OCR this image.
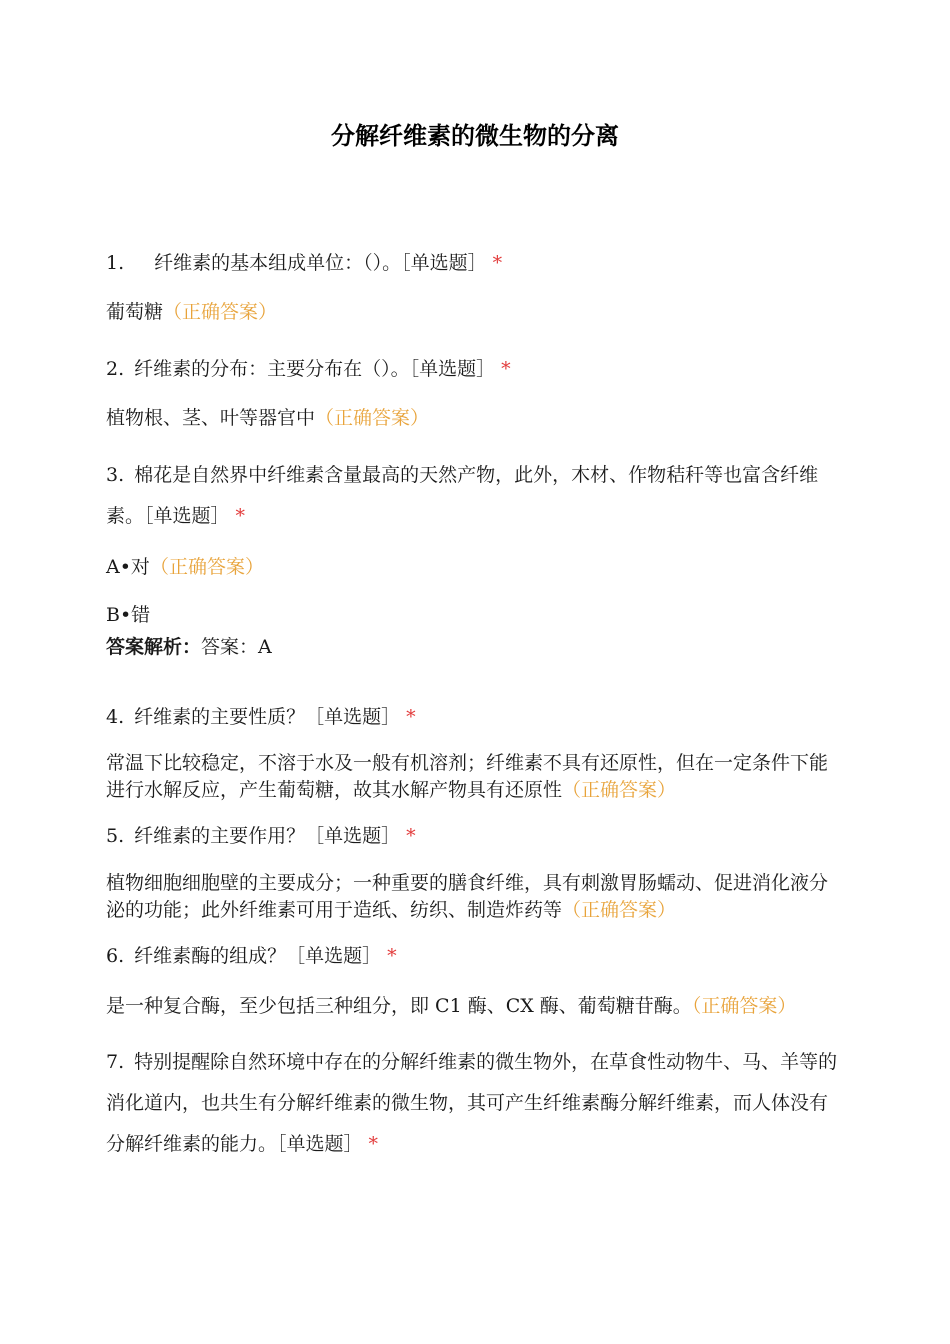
分解纤维素的微生物的分离
1. 纤维素的基本组成单位：（）。［单选题］ *
葡萄糖（正确答案）
2. 纤维素的分布：主要分布在（）。［单选题］ *
植物根、茎、叶等器官中（正确答案）
3. 棉花是自然界中纤维素含量最高的天然产物，此外，木材、作物秸秆等也富含纤维素。［单选题］ *
A•对（正确答案）
B•错
答案解析：答案：A
4. 纤维素的主要性质？［单选题］ *
常温下比较稳定，不溶于水及一般有机溶剂；纤维素不具有还原性，但在一定条件下能进行水解反应，产生葡萄糖，故其水解产物具有还原性（正确答案）
5. 纤维素的主要作用？［单选题］ *
植物细胞细胞壁的主要成分；一种重要的膳食纤维，具有刺激胃肠蠕动、促进消化液分泌的功能；此外纤维素可用于造纸、纺织、制造炸药等（正确答案）
6. 纤维素酶的组成？［单选题］ *
是一种复合酶，至少包括三种组分，即 C1 酶、CX 酶、葡萄糖苷酶。（正确答案）
7. 特别提醒除自然环境中存在的分解纤维素的微生物外，在草食性动物牛、马、羊等的消化道内，也共生有分解纤维素的微生物，其可产生纤维素酶分解纤维素，而人体没有分解纤维素的能力。［单选题］ *
